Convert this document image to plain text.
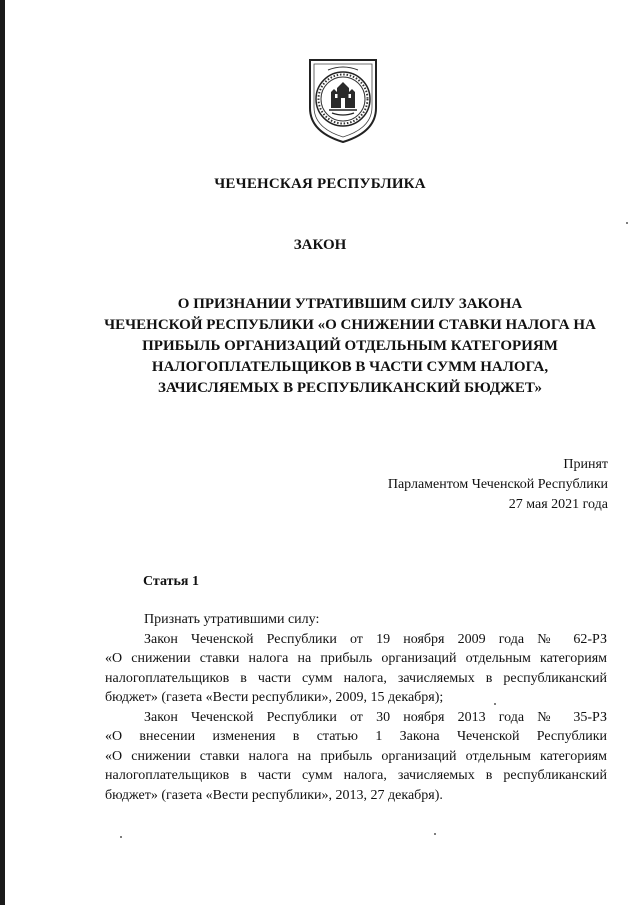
ЧЕЧЕНСКАЯ РЕСПУБЛИКА
ЗАКОН
О ПРИЗНАНИИ УТРАТИВШИМ СИЛУ ЗАКОНА
ЧЕЧЕНСКОЙ РЕСПУБЛИКИ «О СНИЖЕНИИ СТАВКИ НАЛОГА НА
ПРИБЫЛЬ ОРГАНИЗАЦИЙ ОТДЕЛЬНЫМ КАТЕГОРИЯМ
НАЛОГОПЛАТЕЛЬЩИКОВ В ЧАСТИ СУММ НАЛОГА,
ЗАЧИСЛЯЕМЫХ В РЕСПУБЛИКАНСКИЙ БЮДЖЕТ»
Принят
Парламентом Чеченской Республики
27 мая 2021 года
Статья 1
Признать утратившими силу:
Закон Чеченской Республики от 19 ноября 2009 года № 62-РЗ
«О снижении ставки налога на прибыль организаций отдельным категориям
налогоплательщиков в части сумм налога, зачисляемых в республиканский
бюджет» (газета «Вести республики», 2009, 15 декабря);
Закон Чеченской Республики от 30 ноября 2013 года № 35-РЗ
«О внесении изменения в статью 1 Закона Чеченской Республики
«О снижении ставки налога на прибыль организаций отдельным категориям
налогоплательщиков в части сумм налога, зачисляемых в республиканский
бюджет» (газета «Вести республики», 2013, 27 декабря).
